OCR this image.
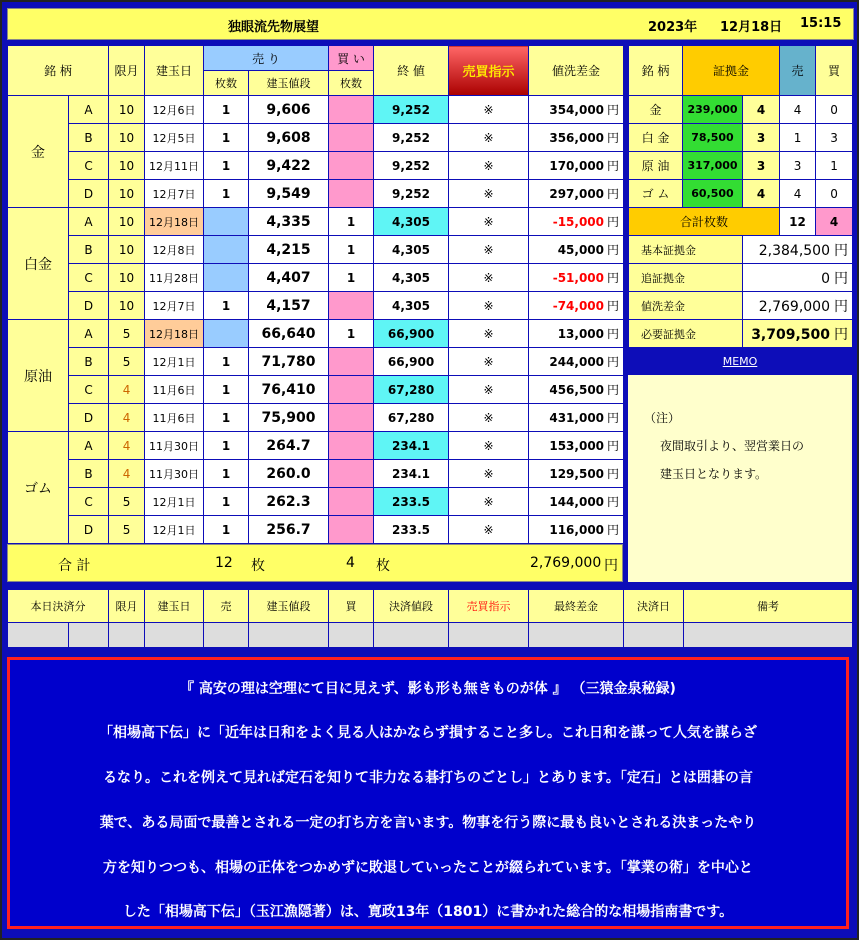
独眼流先物展望	2023年 12月18日 15:15
銘 柄		限月	建玉日	売 り		買 い	終 値	売買指示	値洗差金
				枚数	建玉値段	枚数			
金	A	10	12月6日	1	9,606		9,252	※	354,000 円
	B	10	12月5日	1	9,608		9,252	※	356,000 円
	C	10	12月11日	1	9,422		9,252	※	170,000 円
	D	10	12月7日	1	9,549		9,252	※	297,000 円
白金	A	10	12月18日		4,335	1	4,305	※	-15,000 円
	B	10	12月8日		4,215	1	4,305	※	45,000 円
	C	10	11月28日		4,407	1	4,305	※	-51,000 円
	D	10	12月7日	1	4,157		4,305	※	-74,000 円
原油	A	5	12月18日		66,640	1	66,900	※	13,000 円
	B	5	12月1日	1	71,780		66,900	※	244,000 円
	C	4	11月6日	1	76,410		67,280	※	456,500 円
	D	4	11月6日	1	75,900		67,280	※	431,000 円
ゴム	A	4	11月30日	1	264.7		234.1	※	153,000 円
	B	4	11月30日	1	260.0		234.1	※	129,500 円
	C	5	12月1日	1	262.3		233.5	※	144,000 円
	D	5	12月1日	1	256.7		233.5	※	116,000 円
銘 柄	証拠金		売	買
金	239,000	4	4	0
白 金	78,500	3	1	3
原 油	317,000	3	3	1
ゴ ム	60,500	4	4	0
合計枚数			12	4
基本証拠金		2,384,500 円		
追証拠金		0 円		
値洗差金		2,769,000 円		
必要証拠金		3,709,500 円		
MEMO
（注）
夜間取引より、翌営業日の
建玉日となります。
合 計	12 枚	4 枚	2,769,000 円
本日決済分		限月	建玉日	売	建玉値段	買	決済値段	売買指示	最終差金	決済日	備考

『 高安の理は空理にて目に見えず、影も形も無きものが体 』 （三猿金泉秘録)
「相場高下伝」に「近年は日和をよく見る人はかならず損すること多し。これ日和を謀って人気を謀らざ
るなり。これを例えて見れば定石を知りて非力なる碁打ちのごとし」とあります。「定石」とは囲碁の言
葉で、ある局面で最善とされる一定の打ち方を言います。物事を行う際に最も良いとされる決まったやり
方を知りつつも、相場の正体をつかめずに敗退していったことが綴られています。「掌業の術」を中心と
した「相場高下伝」（玉江漁隠著）は、寛政13年（1801）に書かれた総合的な相場指南書です。
